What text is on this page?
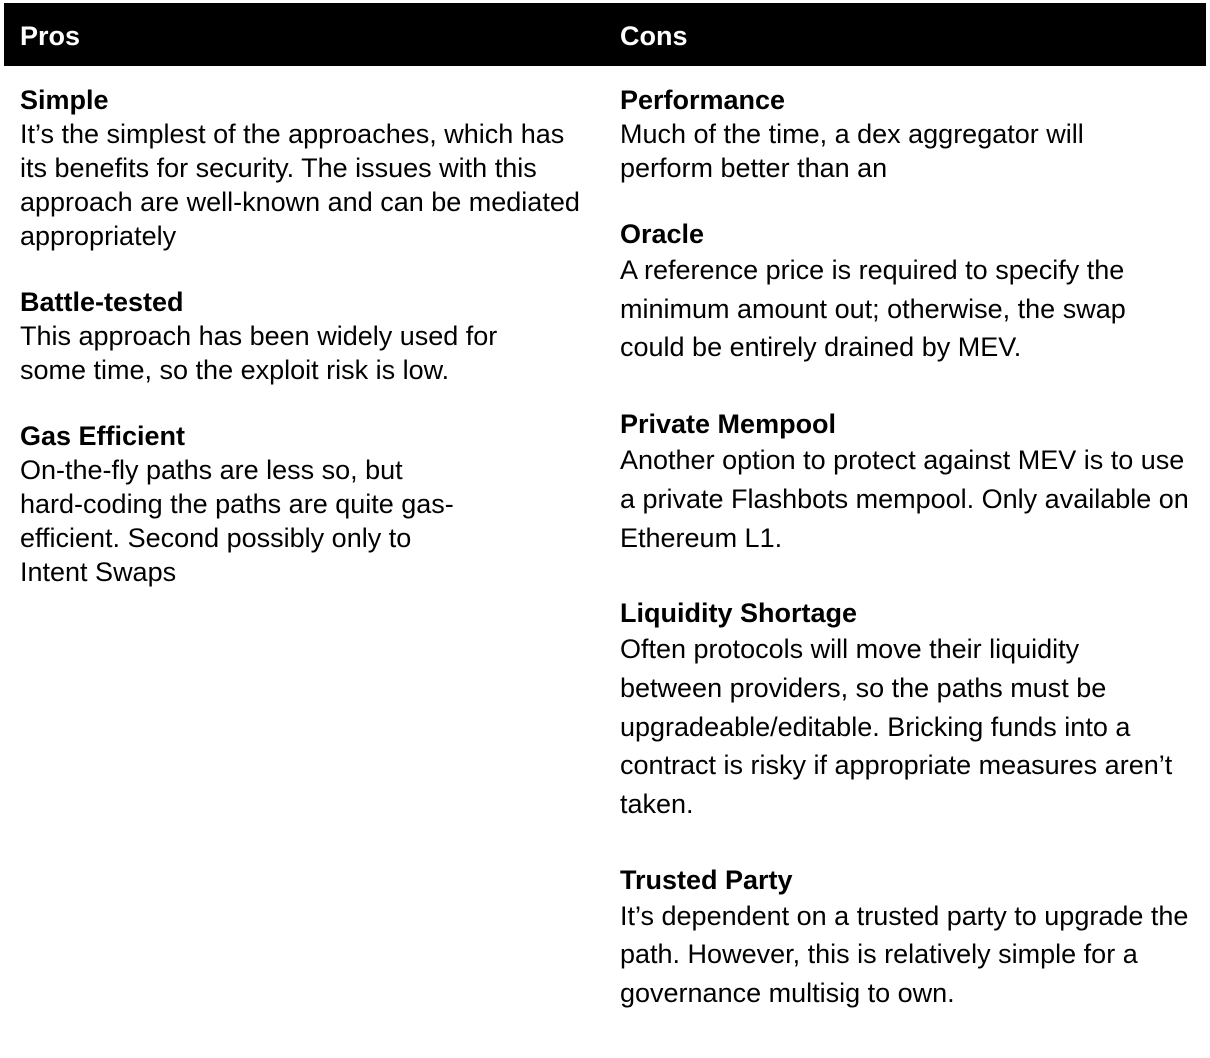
Pros	Cons
Simple
It’s the simplest of the approaches, which has its benefits for security. The issues with this approach are well-known and can be mediated appropriately
Battle-tested
This approach has been widely used for some time, so the exploit risk is low.
Gas Efficient
On-the-fly paths are less so, but hard-coding the paths are quite gas-efficient. Second possibly only to Intent Swaps
Performance
Much of the time, a dex aggregator will perform better than an
Oracle
A reference price is required to specify the minimum amount out; otherwise, the swap could be entirely drained by MEV.
Private Mempool
Another option to protect against MEV is to use a private Flashbots mempool. Only available on Ethereum L1.
Liquidity Shortage
Often protocols will move their liquidity between providers, so the paths must be upgradeable/editable. Bricking funds into a contract is risky if appropriate measures aren’t taken.
Trusted Party
It’s dependent on a trusted party to upgrade the path. However, this is relatively simple for a governance multisig to own.
